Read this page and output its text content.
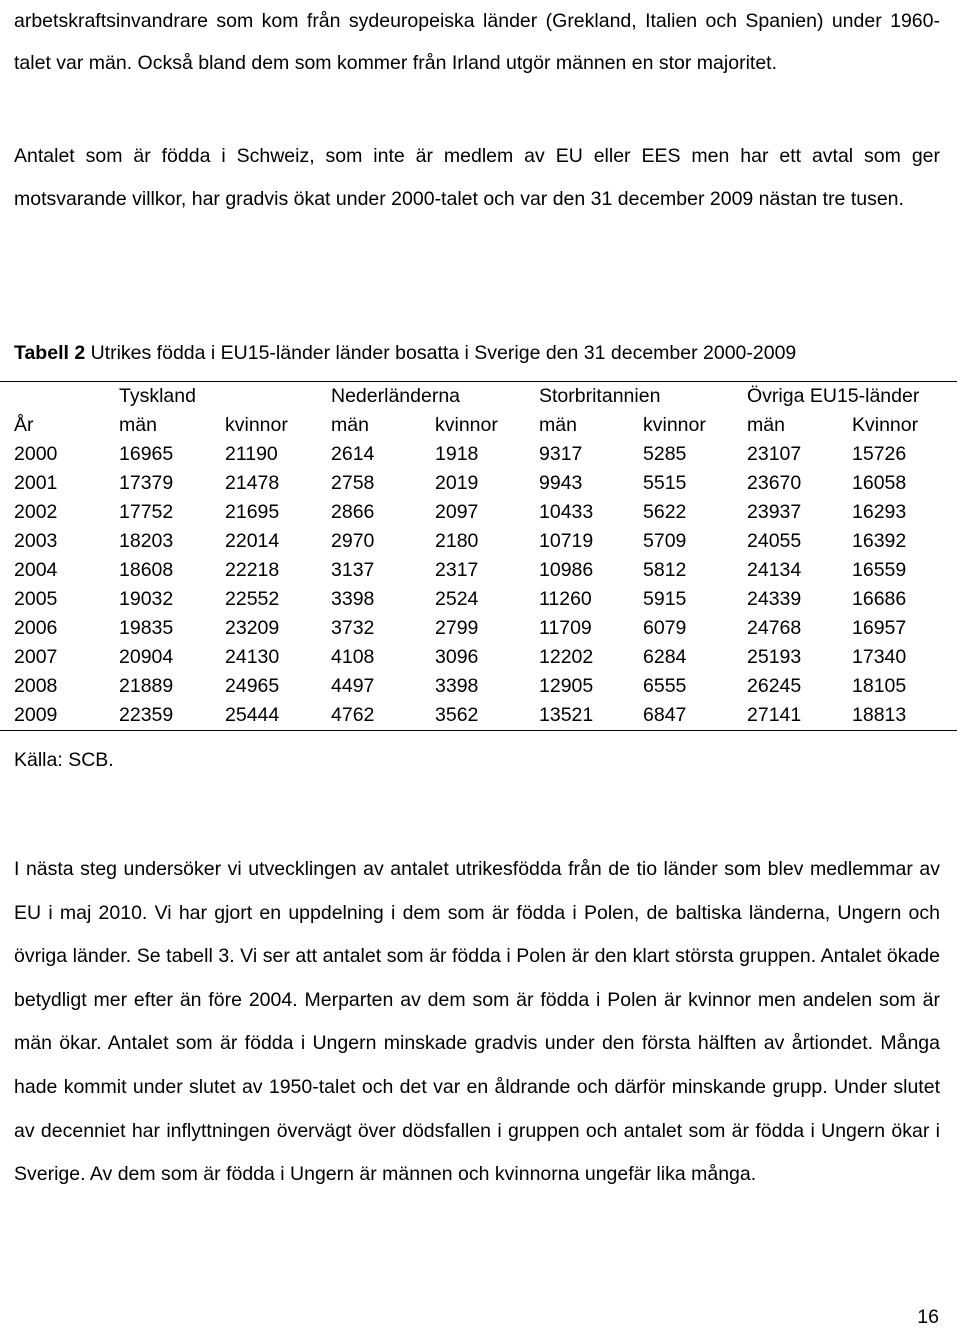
arbetskraftsinvandrare som kom från sydeuropeiska länder (Grekland, Italien och Spanien) under 1960-talet var män. Också bland dem som kommer från Irland utgör männen en stor majoritet.

Antalet som är födda i Schweiz, som inte är medlem av EU eller EES men har ett avtal som ger motsvarande villkor, har gradvis ökat under 2000-talet och var den 31 december 2009 nästan tre tusen.

Tabell 2 Utrikes födda i EU15-länder länder bosatta i Sverige den 31 december 2000-2009
	Tyskland		Nederländerna		Storbritannien		Övriga EU15-länder	
År	män	kvinnor	män	kvinnor	män	kvinnor	män	Kvinnor
2000	16965	21190	2614	1918	9317	5285	23107	15726
2001	17379	21478	2758	2019	9943	5515	23670	16058
2002	17752	21695	2866	2097	10433	5622	23937	16293
2003	18203	22014	2970	2180	10719	5709	24055	16392
2004	18608	22218	3137	2317	10986	5812	24134	16559
2005	19032	22552	3398	2524	11260	5915	24339	16686
2006	19835	23209	3732	2799	11709	6079	24768	16957
2007	20904	24130	4108	3096	12202	6284	25193	17340
2008	21889	24965	4497	3398	12905	6555	26245	18105
2009	22359	25444	4762	3562	13521	6847	27141	18813
Källa: SCB.

I nästa steg undersöker vi utvecklingen av antalet utrikesfödda från de tio länder som blev medlemmar av EU i maj 2010. Vi har gjort en uppdelning i dem som är födda i Polen, de baltiska länderna, Ungern och övriga länder. Se tabell 3. Vi ser att antalet som är födda i Polen är den klart största gruppen. Antalet ökade betydligt mer efter än före 2004. Merparten av dem som är födda i Polen är kvinnor men andelen som är män ökar. Antalet som är födda i Ungern minskade gradvis under den första hälften av årtiondet. Många hade kommit under slutet av 1950-talet och det var en åldrande och därför minskande grupp. Under slutet av decenniet har inflyttningen övervägt över dödsfallen i gruppen och antalet som är födda i Ungern ökar i Sverige. Av dem som är födda i Ungern är männen och kvinnorna ungefär lika många.

16
